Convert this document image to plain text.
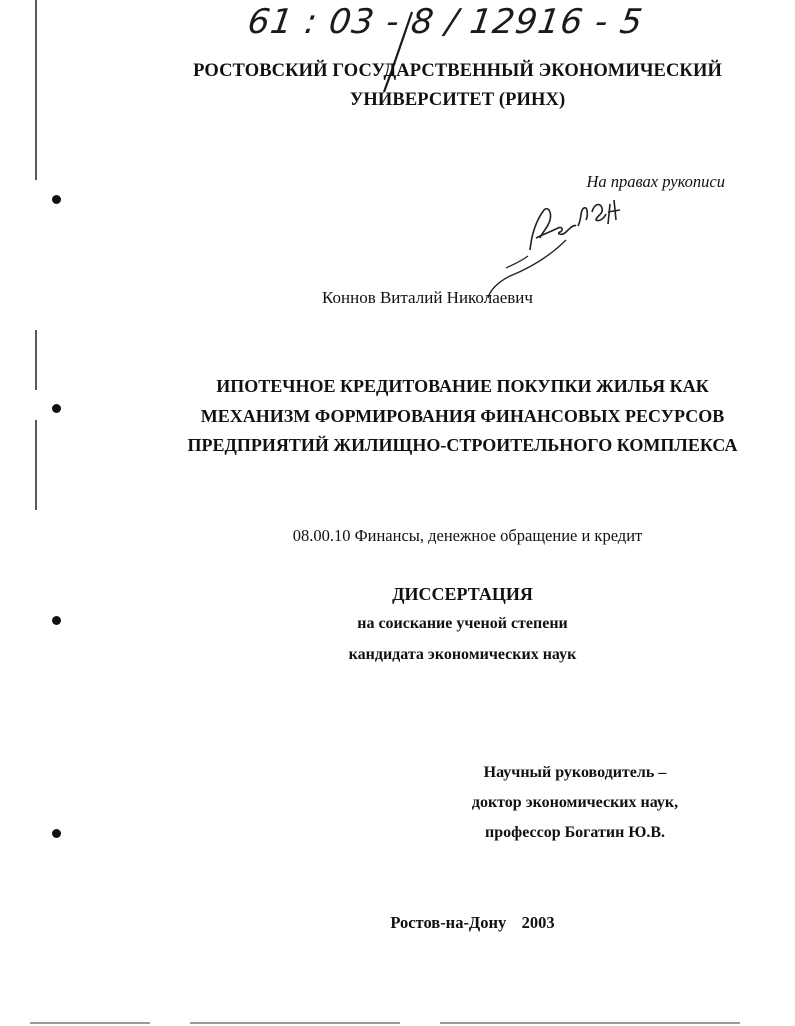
61 : 03 - 8 / 12916 - 5
РОСТОВСКИЙ ГОСУДАРСТВЕННЫЙ ЭКОНОМИЧЕСКИЙ
УНИВЕРСИТЕТ (РИНХ)
На правах рукописи
Коннов Виталий Николаевич
ИПОТЕЧНОЕ КРЕДИТОВАНИЕ ПОКУПКИ ЖИЛЬЯ КАК
МЕХАНИЗМ ФОРМИРОВАНИЯ ФИНАНСОВЫХ РЕСУРСОВ
ПРЕДПРИЯТИЙ ЖИЛИЩНО-СТРОИТЕЛЬНОГО КОМПЛЕКСА
08.00.10 Финансы, денежное обращение и кредит
ДИССЕРТАЦИЯ
на соискание ученой степени
кандидата экономических наук
Научный руководитель –
доктор экономических наук,
профессор Богатин Ю.В.
Ростов-на-Дону   2003
